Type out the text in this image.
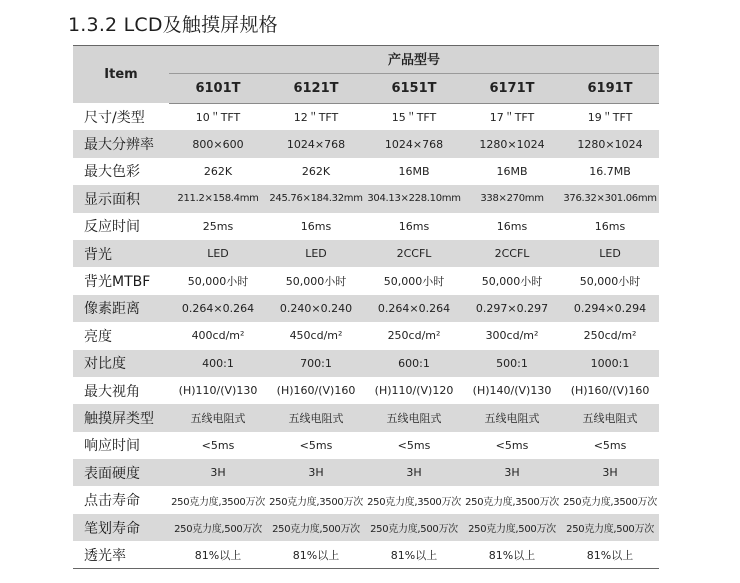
1.3.2 LCD及触摸屏规格
Item	产品型号				
	6101T	6121T	6151T	6171T	6191T
尺寸/类型	10＂TFT	12＂TFT	15＂TFT	17＂TFT	19＂TFT
最大分辨率	800×600	1024×768	1024×768	1280×1024	1280×1024
最大色彩	262K	262K	16MB	16MB	16.7MB
显示面积	211.2×158.4mm	245.76×184.32mm	304.13×228.10mm	338×270mm	376.32×301.06mm
反应时间	25ms	16ms	16ms	16ms	16ms
背光	LED	LED	2CCFL	2CCFL	LED
背光MTBF	50,000小时	50,000小时	50,000小时	50,000小时	50,000小时
像素距离	0.264×0.264	0.240×0.240	0.264×0.264	0.297×0.297	0.294×0.294
亮度	400cd/m²	450cd/m²	250cd/m²	300cd/m²	250cd/m²
对比度	400:1	700:1	600:1	500:1	1000:1
最大视角	(H)110/(V)130	(H)160/(V)160	(H)110/(V)120	(H)140/(V)130	(H)160/(V)160
触摸屏类型	五线电阻式	五线电阻式	五线电阻式	五线电阻式	五线电阻式
响应时间	<5ms	<5ms	<5ms	<5ms	<5ms
表面硬度	3H	3H	3H	3H	3H
点击寿命	250克力度,3500万次	250克力度,3500万次	250克力度,3500万次	250克力度,3500万次	250克力度,3500万次
笔划寿命	250克力度,500万次	250克力度,500万次	250克力度,500万次	250克力度,500万次	250克力度,500万次
透光率	81%以上	81%以上	81%以上	81%以上	81%以上
